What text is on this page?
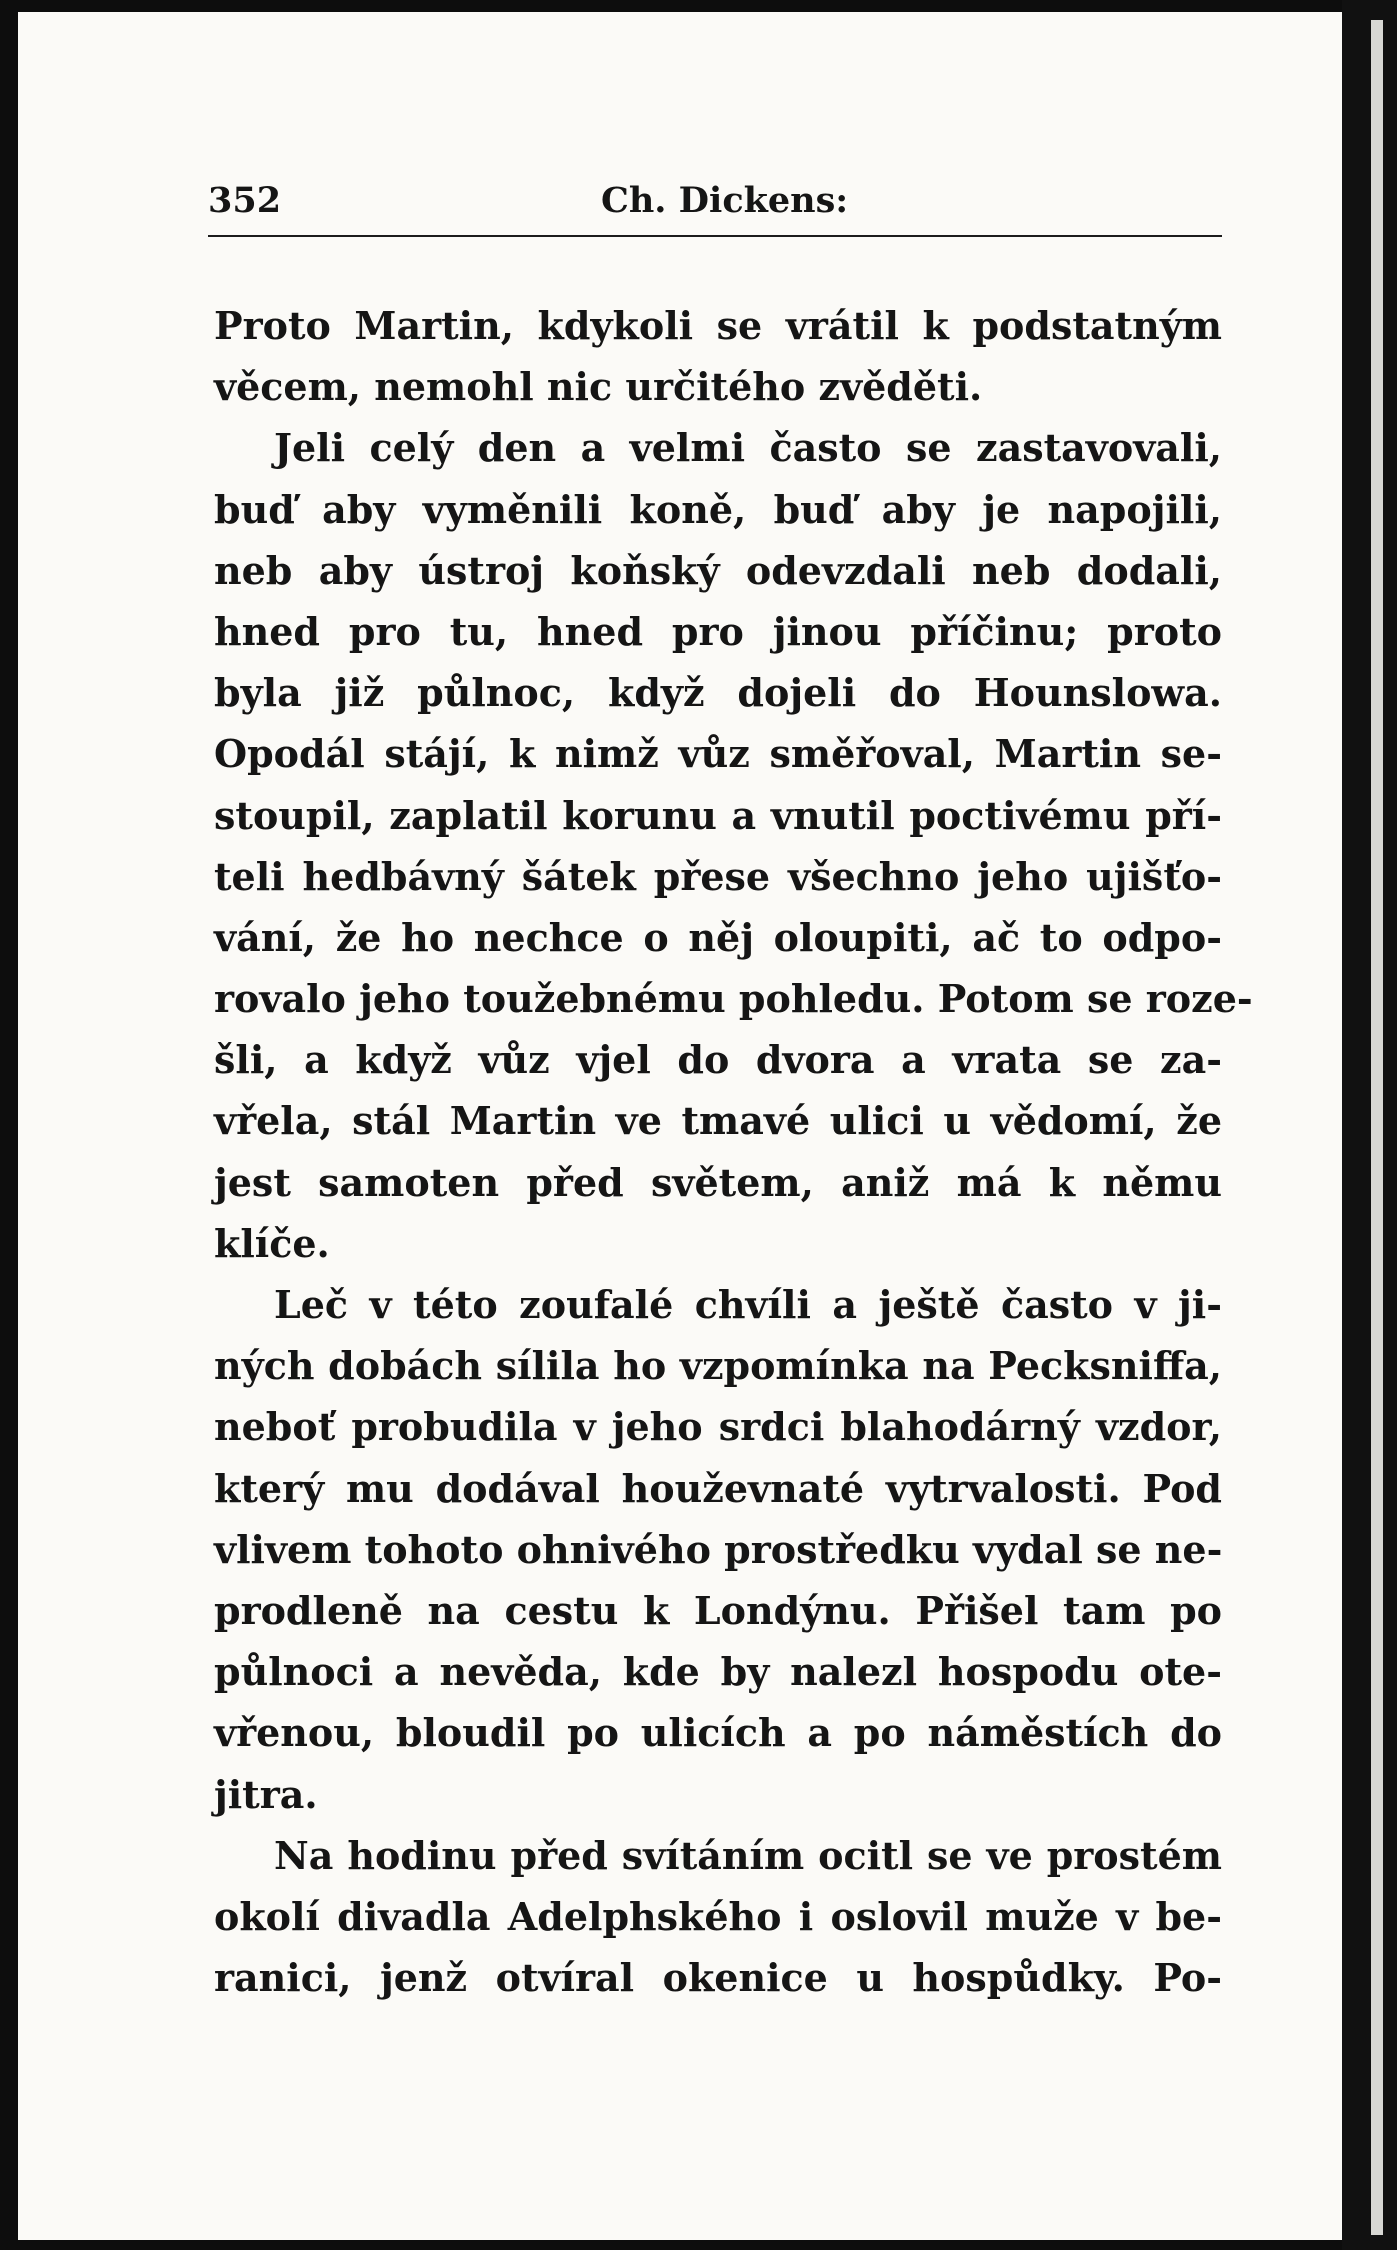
352	Ch. Dickens:
Proto Martin, kdykoli se vrátil k podstatným
věcem, nemohl nic určitého zvěděti.
Jeli celý den a velmi často se zastavovali,
buď aby vyměnili koně, buď aby je napojili,
neb aby ústroj koňský odevzdali neb dodali,
hned pro tu, hned pro jinou příčinu; proto
byla již půlnoc, když dojeli do Hounslowa.
Opodál stájí, k nimž vůz směřoval, Martin se-
stoupil, zaplatil korunu a vnutil poctivému pří-
teli hedbávný šátek přese všechno jeho ujišťo-
vání, že ho nechce o něj oloupiti, ač to odpo-
rovalo jeho toužebnému pohledu. Potom se roze-
šli, a když vůz vjel do dvora a vrata se za-
vřela, stál Martin ve tmavé ulici u vědomí, že
jest samoten před světem, aniž má k němu
klíče.
Leč v této zoufalé chvíli a ještě často v ji-
ných dobách sílila ho vzpomínka na Pecksniffa,
neboť probudila v jeho srdci blahodárný vzdor,
který mu dodával houževnaté vytrvalosti. Pod
vlivem tohoto ohnivého prostředku vydal se ne-
prodleně na cestu k Londýnu. Přišel tam po
půlnoci a nevěda, kde by nalezl hospodu ote-
vřenou, bloudil po ulicích a po náměstích do
jitra.
Na hodinu před svítáním ocitl se ve prostém
okolí divadla Adelphského i oslovil muže v be-
ranici, jenž otvíral okenice u hospůdky. Po-
